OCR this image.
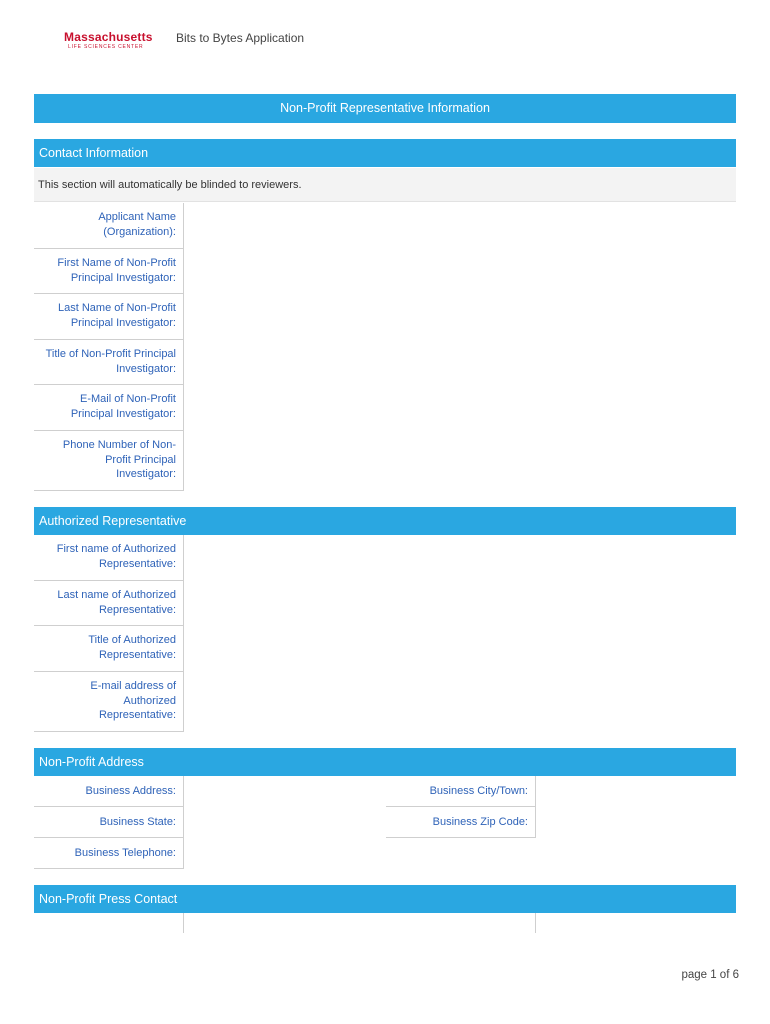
Massachusetts
LIFE SCIENCES CENTER
Bits to Bytes Application
Non-Profit Representative Information
Contact Information
This section will automatically be blinded to reviewers.
Applicant Name (Organization):
First Name of Non-Profit Principal Investigator:
Last Name of Non-Profit Principal Investigator:
Title of Non-Profit Principal Investigator:
E-Mail of Non-Profit Principal Investigator:
Phone Number of Non-Profit Principal Investigator:
Authorized Representative
First name of Authorized Representative:
Last name of Authorized Representative:
Title of Authorized Representative:
E-mail address of Authorized Representative:
Non-Profit Address
Business Address:	Business City/Town:
Business State:	Business Zip Code:
Business Telephone:
Non-Profit Press Contact
page 1 of 6
